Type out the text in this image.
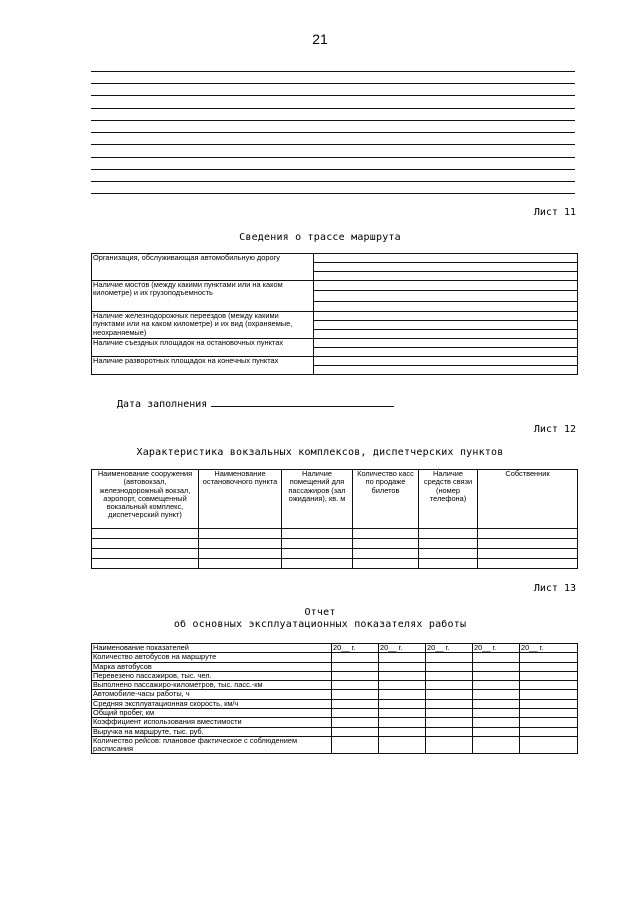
21
Лист 11
Сведения о трассе маршрута
Организация, обслуживающая автомобильную дорогу	

Наличие мостов (между какими пунктами или на каком километре) и их грузоподъемность	

Наличие железнодорожных переездов (между какими пунктами или на каком километре) и их вид (охраняемые, неохраняемые)	

Наличие съездных площадок на остановочных пунктах	

Наличие разворотных площадок на конечных пунктах	

Дата заполнения
Лист 12
Характеристика вокзальных комплексов, диспетчерских пунктов
Наименование сооружения (автовокзал, железнодорожный вокзал, аэропорт, совмещенный вокзальный комплекс, диспетчерский пункт)	Наименование остановочного пункта	Наличие помещений для пассажиров (зал ожидания), кв. м	Количество касс по продаже билетов	Наличие средств связи (номер телефона)	Собственник

Лист 13
Отчет
об основных эксплуатационных показателях работы
Наименование показателей	20__ г.	20__ г.	20__ г.	20__ г.	20__ г.
Количество автобусов на маршруте					
Марка автобусов					
Перевезено пассажиров, тыс. чел.					
Выполнено пассажиро-километров, тыс. пасс.-км					
Автомобиле-часы работы, ч					
Средняя эксплуатационная скорость, км/ч					
Общий пробег, км					
Коэффициент использования вместимости					
Выручка на маршруте, тыс. руб.					
Количество рейсов: плановое фактическое с соблюдением расписания					
